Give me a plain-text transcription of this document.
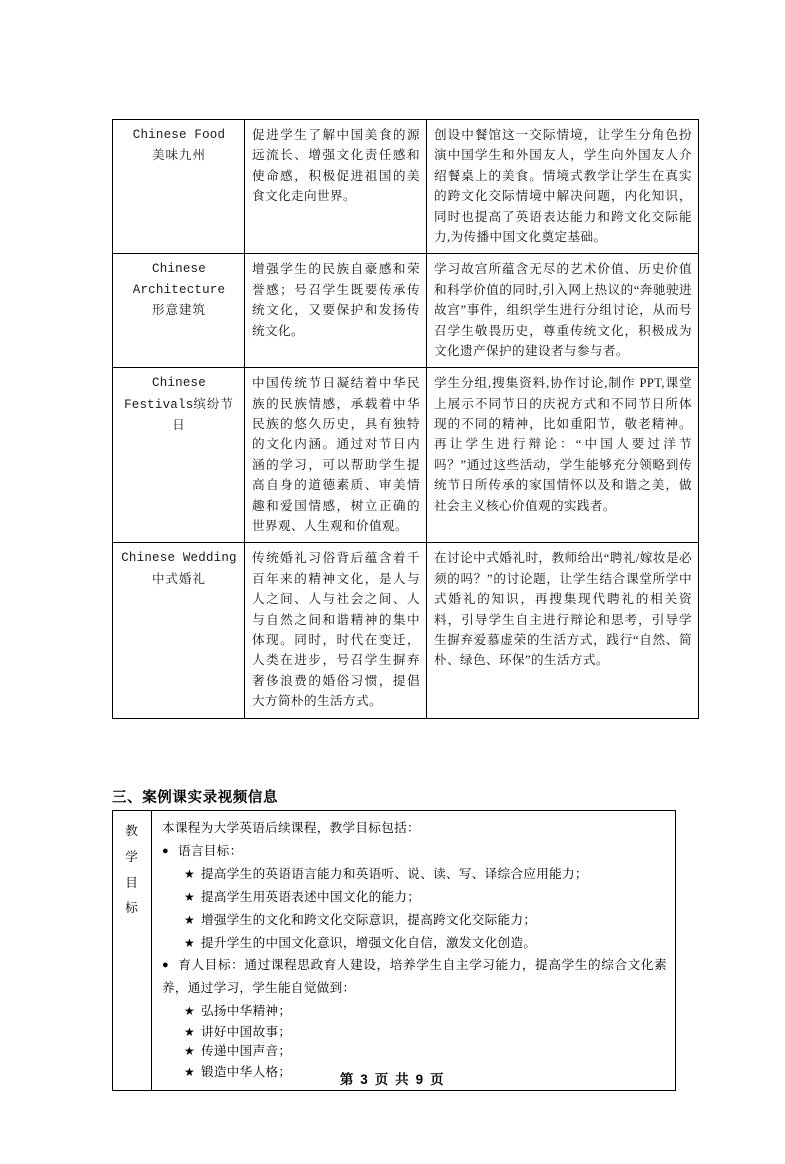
Chinese Food
美味九州	促进学生了解中国美食的源远流长、增强文化责任感和使命感，积极促进祖国的美食文化走向世界。	创设中餐馆这一交际情境，让学生分角色扮演中国学生和外国友人，学生向外国友人介绍餐桌上的美食。情境式教学让学生在真实的跨文化交际情境中解决问题，内化知识，同时也提高了英语表达能力和跨文化交际能力,为传播中国文化奠定基础。

Chinese Architecture
形意建筑	增强学生的民族自豪感和荣誉感；号召学生既要传承传统文化，又要保护和发扬传统文化。	学习故宫所蕴含无尽的艺术价值、历史价值和科学价值的同时,引入网上热议的“奔驰驶进故宫”事件，组织学生进行分组讨论，从而号召学生敬畏历史，尊重传统文化，积极成为文化遗产保护的建设者与参与者。
Chinese Festivals缤纷节日	中国传统节日凝结着中华民族的民族情感，承载着中华民族的悠久历史，具有独特的文化内涵。通过对节日内涵的学习，可以帮助学生提高自身的道德素质、审美情趣和爱国情感，树立正确的世界观、人生观和价值观。	学生分组,搜集资料,协作讨论,制作 PPT,课堂上展示不同节日的庆祝方式和不同节日所体现的不同的精神，比如重阳节，敬老精神。再让学生进行辩论：“中国人要过洋节吗？”通过这些活动，学生能够充分领略到传统节日所传承的家国情怀以及和谐之美，做社会主义核心价值观的实践者。

Chinese Wedding
中式婚礼	传统婚礼习俗背后蕴含着千百年来的精神文化，是人与人之间、人与社会之间、人与自然之间和谐精神的集中体现。同时，时代在变迁，人类在进步，号召学生摒弃奢侈浪费的婚俗习惯，提倡大方简朴的生活方式。	在讨论中式婚礼时，教师给出“聘礼/嫁妆是必须的吗？”的讨论题，让学生结合课堂所学中式婚礼的知识，再搜集现代聘礼的相关资料，引导学生自主进行辩论和思考，引导学生摒弃爱慕虚荣的生活方式，践行“自然、简朴、绿色、环保”的生活方式。
三、案例课实录视频信息
教
学
目
标

本课程为大学英语后续课程，教学目标包括：
● 语言目标：
★ 提高学生的英语语言能力和英语听、说、读、写、译综合应用能力；
★ 提高学生用英语表述中国文化的能力；
★ 增强学生的文化和跨文化交际意识，提高跨文化交际能力；
★ 提升学生的中国文化意识，增强文化自信，激发文化创造。
● 育人目标：通过课程思政育人建设，培养学生自主学习能力，提高学生的综合文化素养，通过学习，学生能自觉做到：
★ 弘扬中华精神；
★ 讲好中国故事；
★ 传递中国声音；
★ 锻造中华人格；
第 3 页 共 9 页
